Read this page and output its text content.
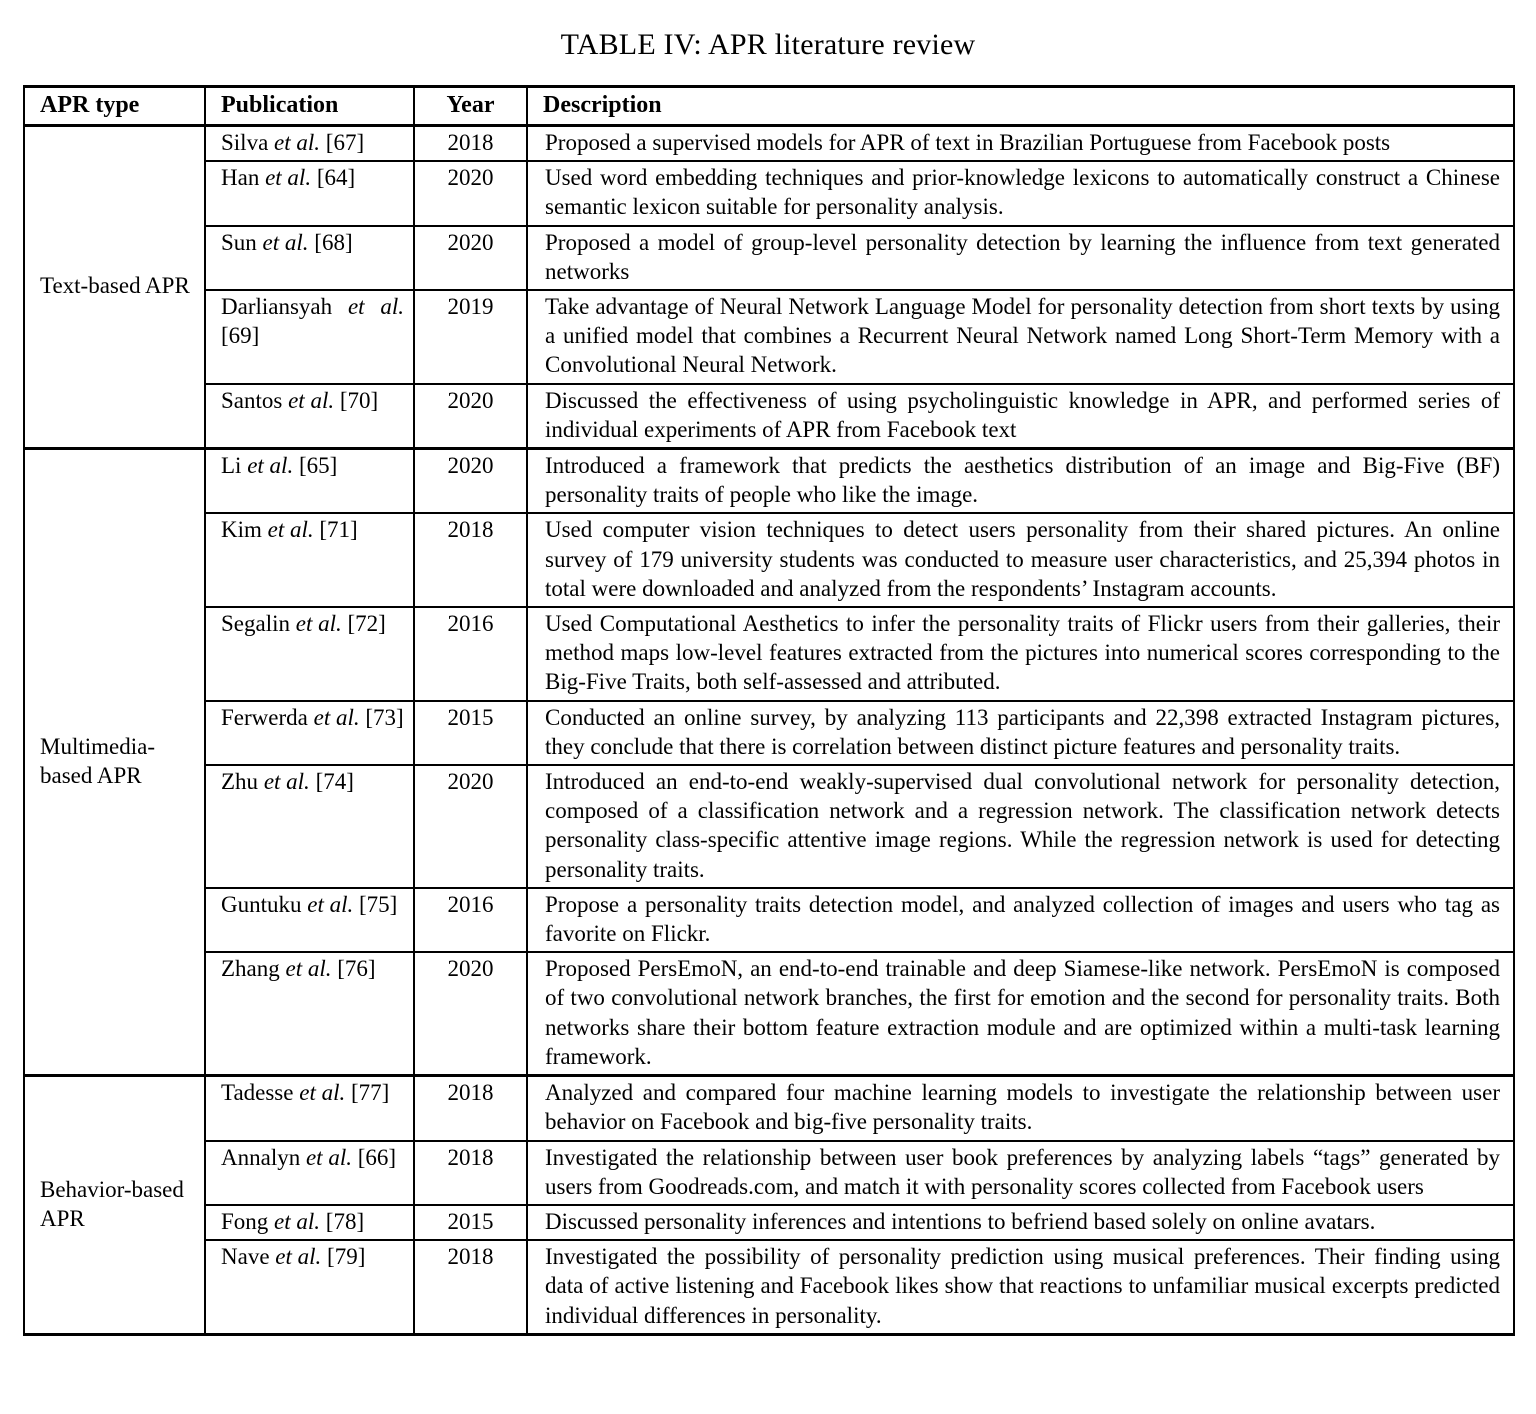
TABLE IV: APR literature review
APR type	Publication	Year	Description
Text-based APR	Silva et al. [67]	2018	Proposed a supervised models for APR of text in Brazilian Portuguese from Facebook posts
	Han et al. [64]	2020	Used word embedding techniques and prior-knowledge lexicons to automatically construct a Chinese semantic lexicon suitable for personality analysis.
	Sun et al. [68]	2020	Proposed a model of group-level personality detection by learning the influence from text generated networks
	Darliansyah et al. [69]	2019	Take advantage of Neural Network Language Model for personality detection from short texts by using a unified model that combines a Recurrent Neural Network named Long Short-Term Memory with a Convolutional Neural Network.
	Santos et al. [70]	2020	Discussed the effectiveness of using psycholinguistic knowledge in APR, and performed series of individual experiments of APR from Facebook text
Multimedia-based APR	Li et al. [65]	2020	Introduced a framework that predicts the aesthetics distribution of an image and Big-Five (BF) personality traits of people who like the image.
	Kim et al. [71]	2018	Used computer vision techniques to detect users personality from their shared pictures. An online survey of 179 university students was conducted to measure user characteristics, and 25,394 photos in total were downloaded and analyzed from the respondents’ Instagram accounts.
	Segalin et al. [72]	2016	Used Computational Aesthetics to infer the personality traits of Flickr users from their galleries, their method maps low-level features extracted from the pictures into numerical scores corresponding to the Big-Five Traits, both self-assessed and attributed.
	Ferwerda et al. [73]	2015	Conducted an online survey, by analyzing 113 participants and 22,398 extracted Instagram pictures, they conclude that there is correlation between distinct picture features and personality traits.
	Zhu et al. [74]	2020	Introduced an end-to-end weakly-supervised dual convolutional network for personality detection, composed of a classification network and a regression network. The classification network detects personality class-specific attentive image regions. While the regression network is used for detecting personality traits.
	Guntuku et al. [75]	2016	Propose a personality traits detection model, and analyzed collection of images and users who tag as favorite on Flickr.
	Zhang et al. [76]	2020	Proposed PersEmoN, an end-to-end trainable and deep Siamese-like network. PersEmoN is composed of two convolutional network branches, the first for emotion and the second for personality traits. Both networks share their bottom feature extraction module and are optimized within a multi-task learning framework.
Behavior-based APR	Tadesse et al. [77]	2018	Analyzed and compared four machine learning models to investigate the relationship between user behavior on Facebook and big-five personality traits.
	Annalyn et al. [66]	2018	Investigated the relationship between user book preferences by analyzing labels “tags” generated by users from Goodreads.com, and match it with personality scores collected from Facebook users
	Fong et al. [78]	2015	Discussed personality inferences and intentions to befriend based solely on online avatars.
	Nave et al. [79]	2018	Investigated the possibility of personality prediction using musical preferences. Their finding using data of active listening and Facebook likes show that reactions to unfamiliar musical excerpts predicted individual differences in personality.
